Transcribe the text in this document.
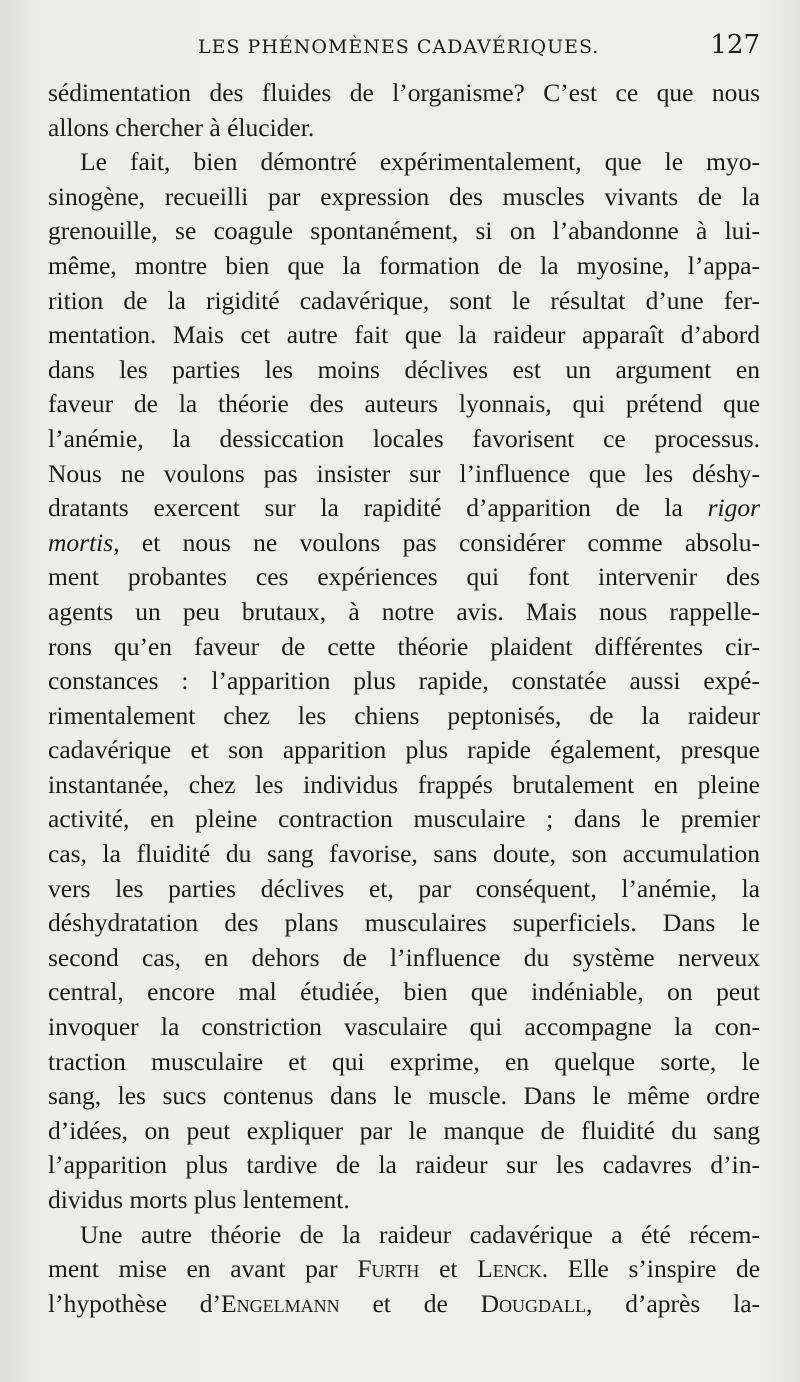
LES PHÉNOMÈNES CADAVÉRIQUES.	127
sédimentation des fluides de l’organisme? C’est ce que nous
allons chercher à élucider.
Le fait, bien démontré expérimentalement, que le myo-
sinogène, recueilli par expression des muscles vivants de la
grenouille, se coagule spontanément, si on l’abandonne à lui-
même, montre bien que la formation de la myosine, l’appa-
rition de la rigidité cadavérique, sont le résultat d’une fer-
mentation. Mais cet autre fait que la raideur apparaît d’abord
dans les parties les moins déclives est un argument en
faveur de la théorie des auteurs lyonnais, qui prétend que
l’anémie, la dessiccation locales favorisent ce processus.
Nous ne voulons pas insister sur l’influence que les déshy-
dratants exercent sur la rapidité d’apparition de la rigor
mortis, et nous ne voulons pas considérer comme absolu-
ment probantes ces expériences qui font intervenir des
agents un peu brutaux, à notre avis. Mais nous rappelle-
rons qu’en faveur de cette théorie plaident différentes cir-
constances : l’apparition plus rapide, constatée aussi expé-
rimentalement chez les chiens peptonisés, de la raideur
cadavérique et son apparition plus rapide également, presque
instantanée, chez les individus frappés brutalement en pleine
activité, en pleine contraction musculaire ; dans le premier
cas, la fluidité du sang favorise, sans doute, son accumulation
vers les parties déclives et, par conséquent, l’anémie, la
déshydratation des plans musculaires superficiels. Dans le
second cas, en dehors de l’influence du système nerveux
central, encore mal étudiée, bien que indéniable, on peut
invoquer la constriction vasculaire qui accompagne la con-
traction musculaire et qui exprime, en quelque sorte, le
sang, les sucs contenus dans le muscle. Dans le même ordre
d’idées, on peut expliquer par le manque de fluidité du sang
l’apparition plus tardive de la raideur sur les cadavres d’in-
dividus morts plus lentement.
Une autre théorie de la raideur cadavérique a été récem-
ment mise en avant par Furth et Lenck. Elle s’inspire de
l’hypothèse d’Engelmann et de Dougdall, d’après la-
